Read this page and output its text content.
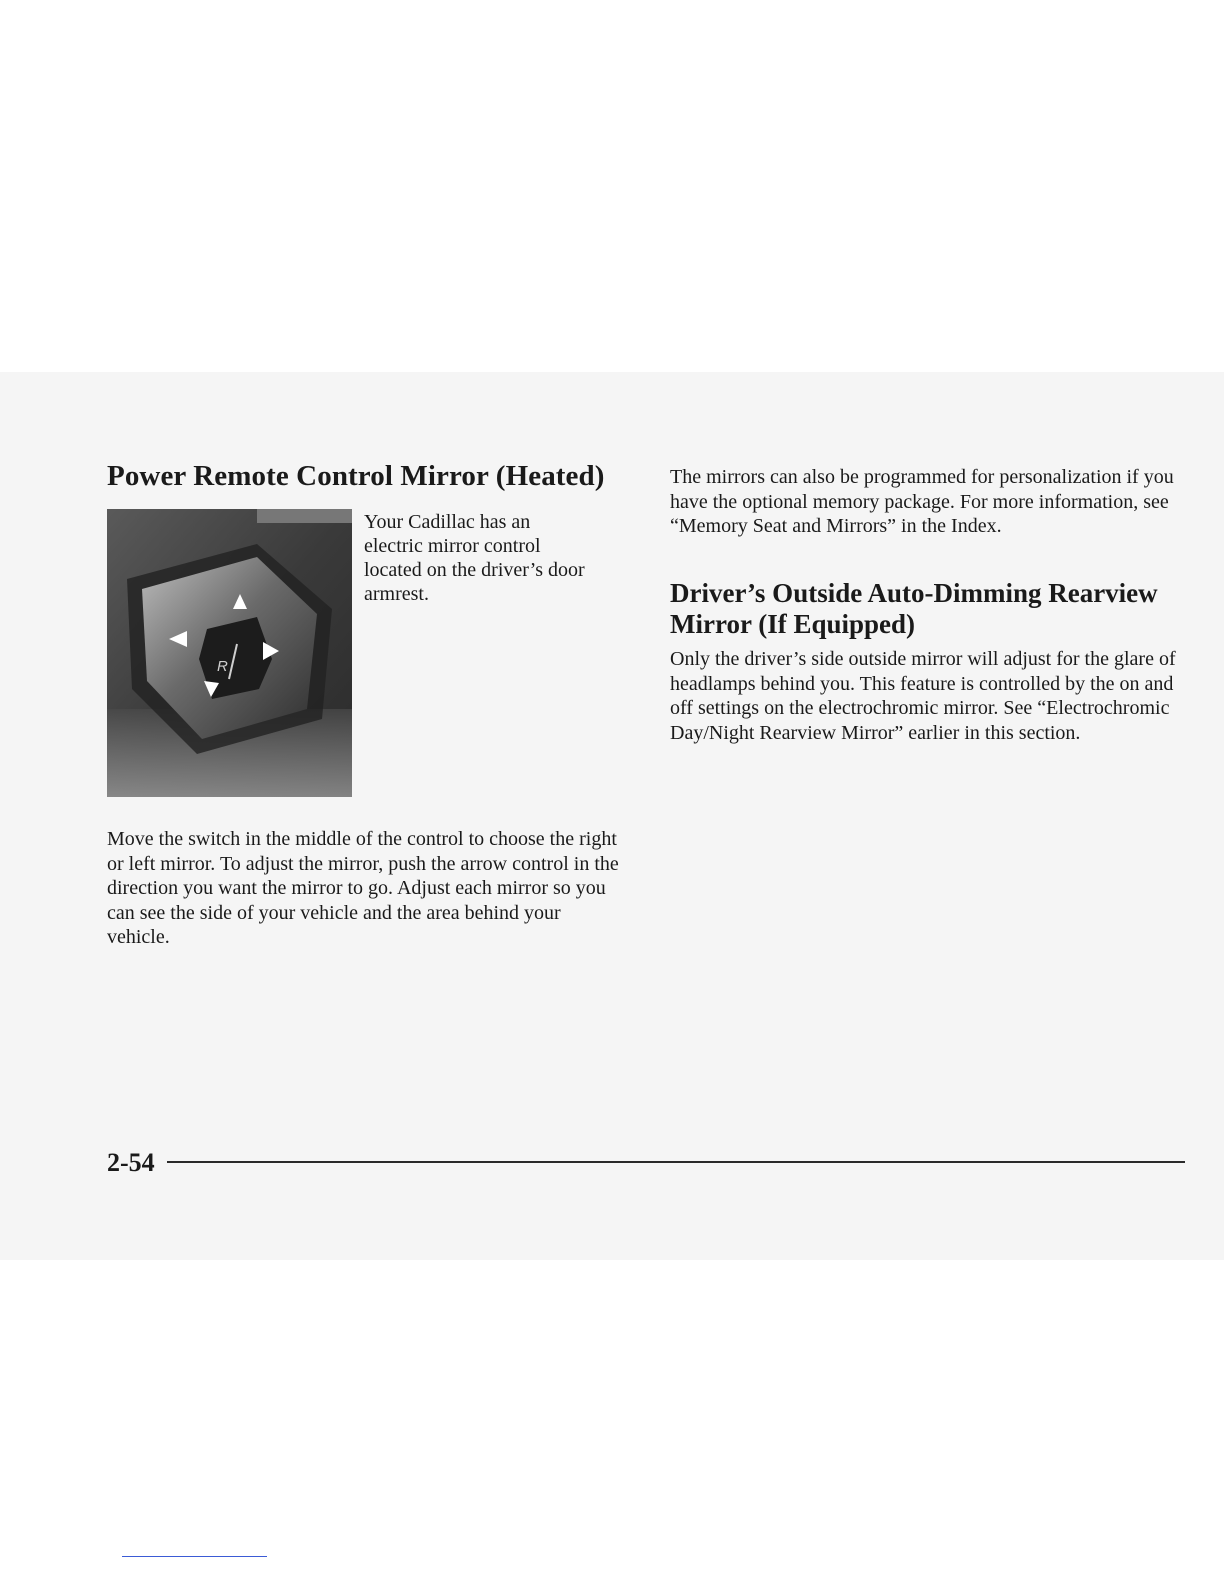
Power Remote Control Mirror (Heated)
R

Your Cadillac has an electric mirror control located on the driver’s door armrest.

Move the switch in the middle of the control to choose the right or left mirror. To adjust the mirror, push the arrow control in the direction you want the mirror to go. Adjust each mirror so you can see the side of your vehicle and the area behind your vehicle.

The mirrors can also be programmed for personalization if you have the optional memory package. For more information, see “Memory Seat and Mirrors” in the Index.

Driver’s Outside Auto-Dimming Rearview Mirror (If Equipped)

Only the driver’s side outside mirror will adjust for the glare of headlamps behind you. This feature is controlled by the on and off settings on the electrochromic mirror. See “Electrochromic Day/Night Rearview Mirror” earlier in this section.

2-54
